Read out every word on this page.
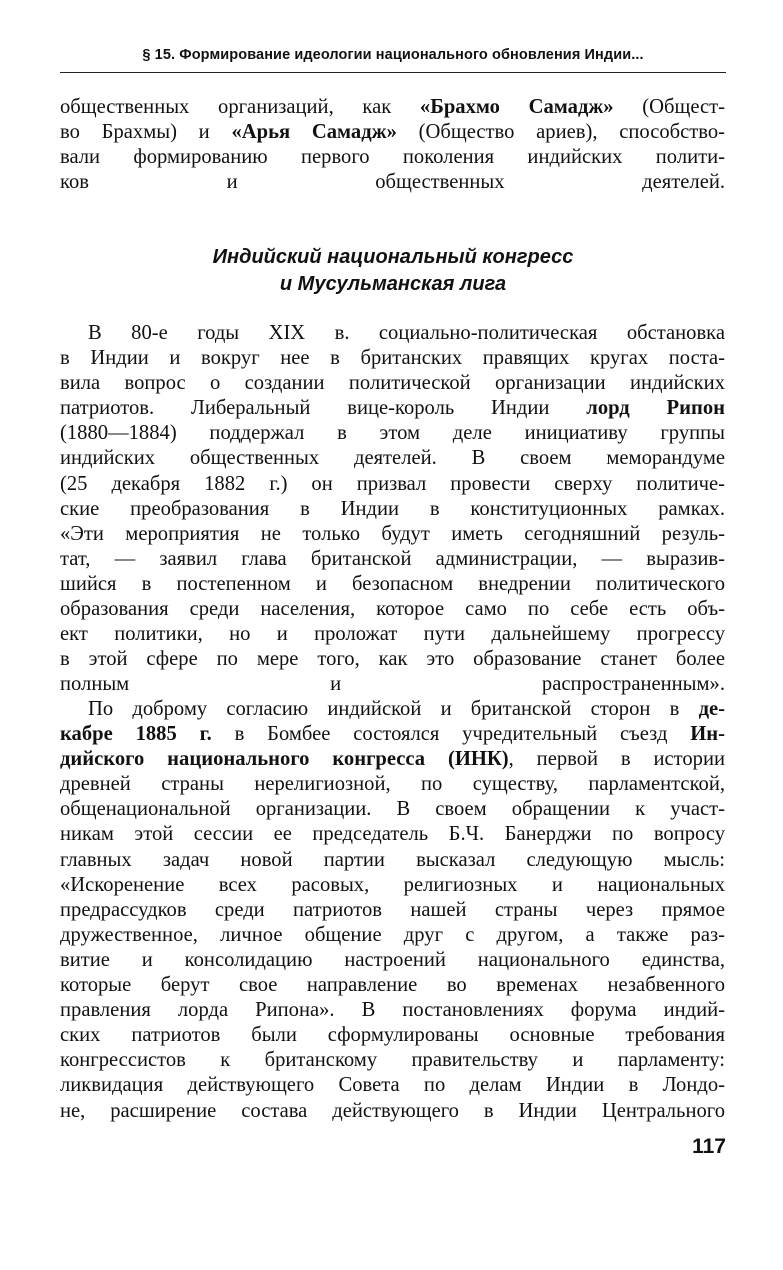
§ 15. Формирование идеологии национального обновления Индии...
общественных организаций, как «Брахмо Самадж» (Общест-
во Брахмы) и «Арья Самадж» (Общество ариев), способство-
вали формированию первого поколения индийских полити-
ков и общественных деятелей.
Индийский национальный конгресс
и Мусульманская лига
В 80-е годы XIX в. социально-политическая обстановка
в Индии и вокруг нее в британских правящих кругах поста-
вила вопрос о создании политической организации индийских
патриотов. Либеральный вице-король Индии лорд Рипон
(1880—1884) поддержал в этом деле инициативу группы
индийских общественных деятелей. В своем меморандуме
(25 декабря 1882 г.) он призвал провести сверху политиче-
ские преобразования в Индии в конституционных рамках.
«Эти мероприятия не только будут иметь сегодняшний резуль-
тат, — заявил глава британской администрации, — выразив-
шийся в постепенном и безопасном внедрении политического
образования среди населения, которое само по себе есть объ-
ект политики, но и проложат пути дальнейшему прогрессу
в этой сфере по мере того, как это образование станет более
полным и распространенным».
По доброму согласию индийской и британской сторон в де-
кабре 1885 г. в Бомбее состоялся учредительный съезд Ин-
дийского национального конгресса (ИНК), первой в истории
древней страны нерелигиозной, по существу, парламентской,
общенациональной организации. В своем обращении к участ-
никам этой сессии ее председатель Б.Ч. Банерджи по вопросу
главных задач новой партии высказал следующую мысль:
«Искоренение всех расовых, религиозных и национальных
предрассудков среди патриотов нашей страны через прямое
дружественное, личное общение друг с другом, а также раз-
витие и консолидацию настроений национального единства,
которые берут свое направление во временах незабвенного
правления лорда Рипона». В постановлениях форума индий-
ских патриотов были сформулированы основные требования
конгрессистов к британскому правительству и парламенту:
ликвидация действующего Совета по делам Индии в Лондо-
не, расширение состава действующего в Индии Центрального
117
